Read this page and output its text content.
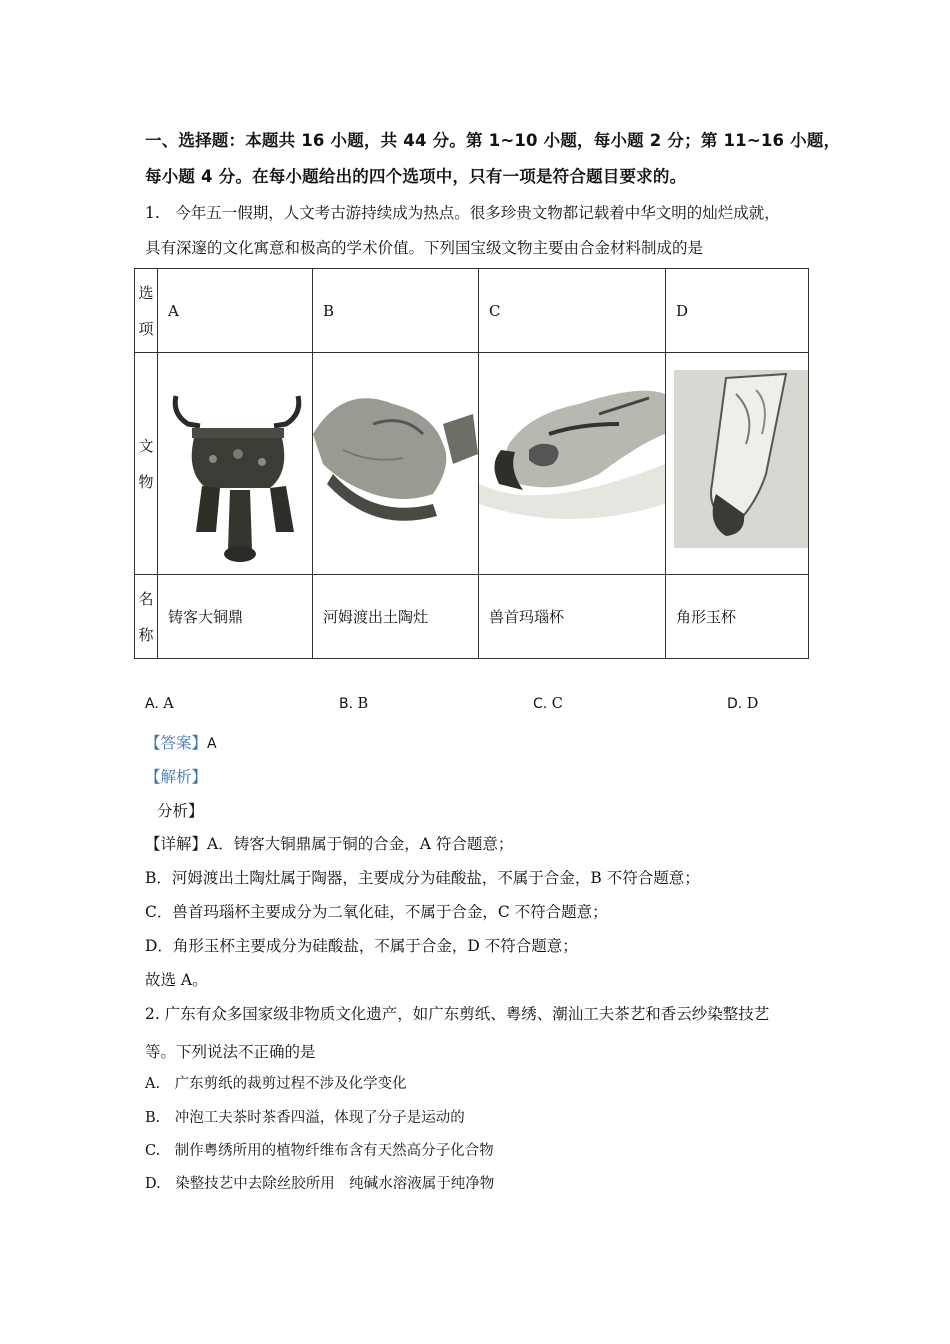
一、选择题：本题共 16 小题，共 44 分。第 1~10 小题，每小题 2 分；第 11~16 小题，
每小题 4 分。在每小题给出的四个选项中，只有一项是符合题目要求的。
1.　今年五一假期，人文考古游持续成为热点。很多珍贵文物都记载着中华文明的灿烂成就，
具有深邃的文化寓意和极高的学术价值。下列国宝级文物主要由合金材料制成的是
选
项	A	B	C	D

文
物

名
称	铸客大铜鼎	河姆渡出土陶灶	兽首玛瑙杯	角形玉杯
A. A	B. B	C. C	D. D
【答案】A
【解析】
分析】
【详解】A．铸客大铜鼎属于铜的合金，A 符合题意；
B．河姆渡出土陶灶属于陶器，主要成分为硅酸盐，不属于合金，B 不符合题意；
C．兽首玛瑙杯主要成分为二氧化硅，不属于合金，C 不符合题意；
D．角形玉杯主要成分为硅酸盐，不属于合金，D 不符合题意；
故选 A。
2. 广东有众多国家级非物质文化遗产，如广东剪纸、粤绣、潮汕工夫茶艺和香云纱染整技艺
等。下列说法不正确的是
A.　广东剪纸的裁剪过程不涉及化学变化
B.　冲泡工夫茶时茶香四溢，体现了分子是运动的
C.　制作粤绣所用的植物纤维布含有天然高分子化合物
D.　染整技艺中去除丝胶所用　纯碱水溶液属于纯净物
